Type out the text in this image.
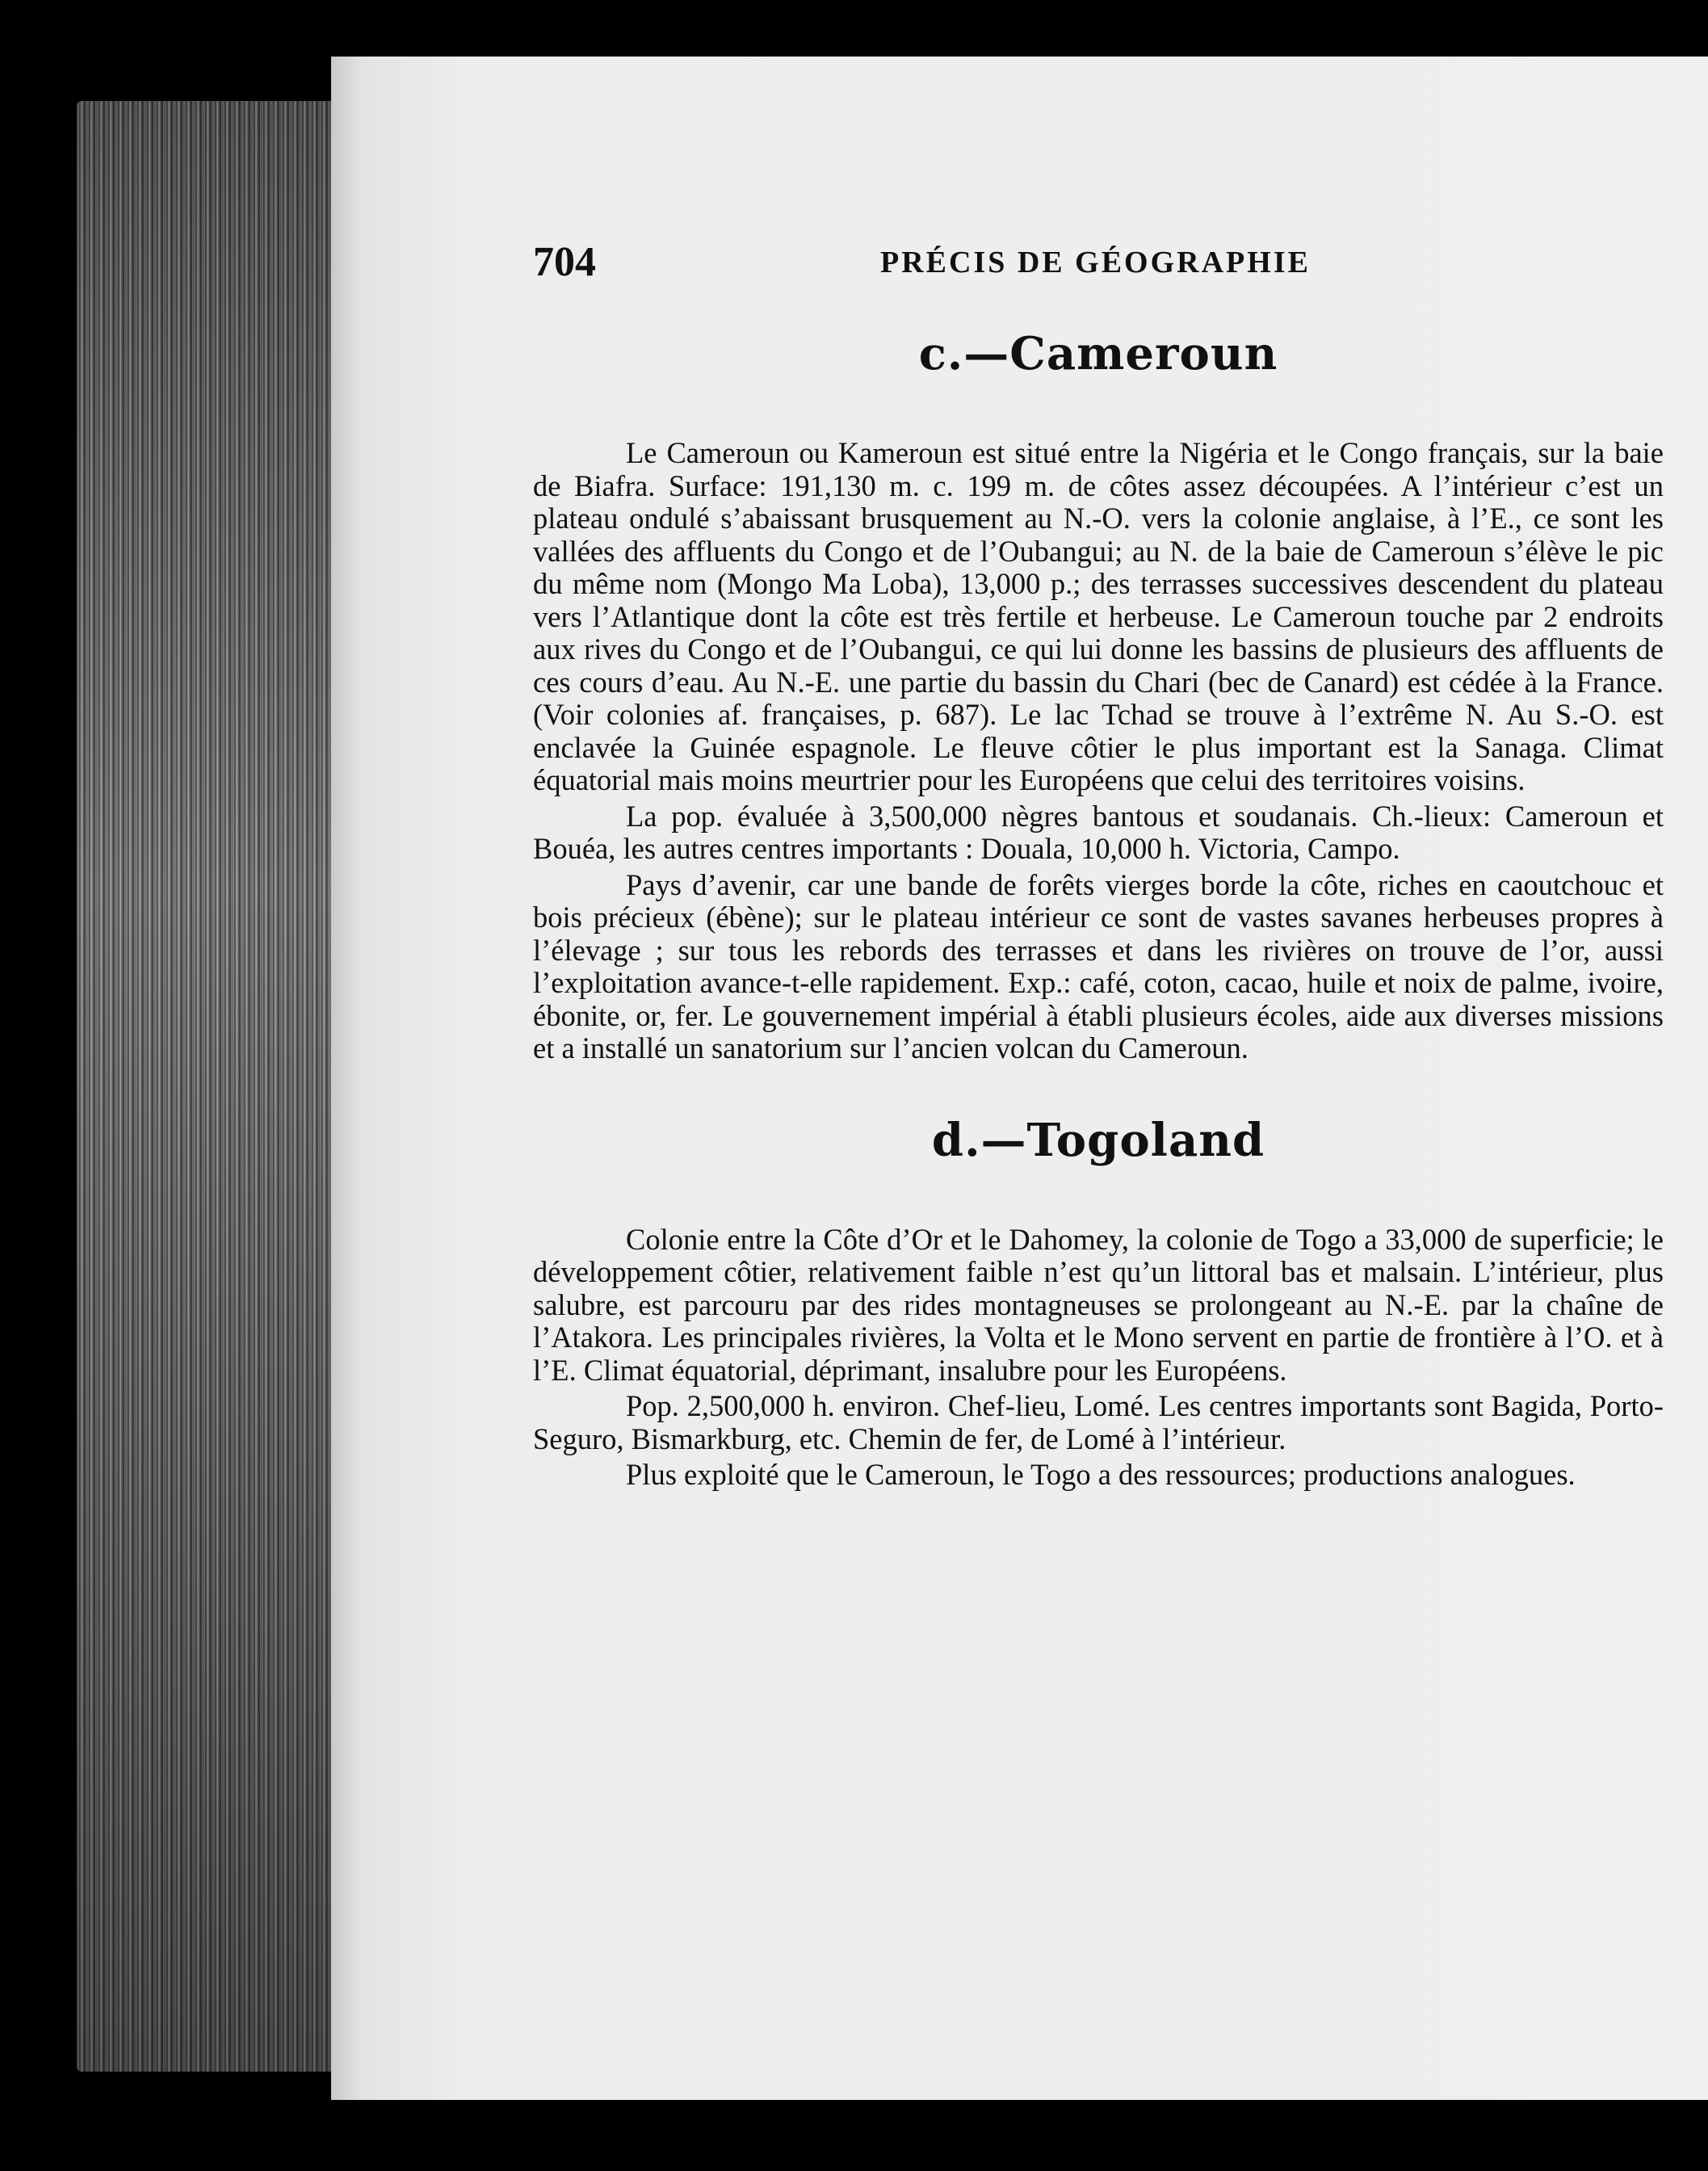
704	PRÉCIS DE GÉOGRAPHIE
c.—Cameroun

Le Cameroun ou Kameroun est situé entre la Nigéria et le Congo français, sur la baie de Biafra. Surface: 191,130 m. c. 199 m. de côtes assez découpées. A l’intérieur c’est un plateau ondulé s’abaissant brusquement au N.-O. vers la colonie anglaise, à l’E., ce sont les vallées des affluents du Congo et de l’Oubangui; au N. de la baie de Cameroun s’élève le pic du même nom (Mongo Ma Loba), 13,000 p.; des terrasses successives descendent du plateau vers l’Atlantique dont la côte est très fertile et herbeuse. Le Cameroun touche par 2 endroits aux rives du Congo et de l’Oubangui, ce qui lui donne les bassins de plusieurs des affluents de ces cours d’eau. Au N.-E. une partie du bassin du Chari (bec de Canard) est cédée à la France. (Voir colonies af. françaises, p. 687). Le lac Tchad se trouve à l’extrême N. Au S.-O. est enclavée la Guinée espagnole. Le fleuve côtier le plus important est la Sanaga. Climat équatorial mais moins meurtrier pour les Européens que celui des territoires voisins.

La pop. évaluée à 3,500,000 nègres bantous et soudanais. Ch.-lieux: Cameroun et Bouéa, les autres centres importants : Douala, 10,000 h. Victoria, Campo.

Pays d’avenir, car une bande de forêts vierges borde la côte, riches en caoutchouc et bois précieux (ébène); sur le plateau intérieur ce sont de vastes savanes herbeuses propres à l’élevage ; sur tous les rebords des terrasses et dans les rivières on trouve de l’or, aussi l’exploitation avance-t-elle rapidement. Exp.: café, coton, cacao, huile et noix de palme, ivoire, ébonite, or, fer. Le gouvernement impérial à établi plusieurs écoles, aide aux diverses missions et a installé un sanatorium sur l’ancien volcan du Cameroun.

d.—Togoland

Colonie entre la Côte d’Or et le Dahomey, la colonie de Togo a 33,000 de superficie; le développement côtier, relativement faible n’est qu’un littoral bas et malsain. L’intérieur, plus salubre, est parcouru par des rides montagneuses se prolongeant au N.-E. par la chaîne de l’Atakora. Les principales rivières, la Volta et le Mono servent en partie de frontière à l’O. et à l’E. Climat équatorial, déprimant, insalubre pour les Européens.

Pop. 2,500,000 h. environ. Chef-lieu, Lomé. Les centres importants sont Bagida, Porto-Seguro, Bismarkburg, etc. Chemin de fer, de Lomé à l’intérieur.

Plus exploité que le Cameroun, le Togo a des ressources; productions analogues.
